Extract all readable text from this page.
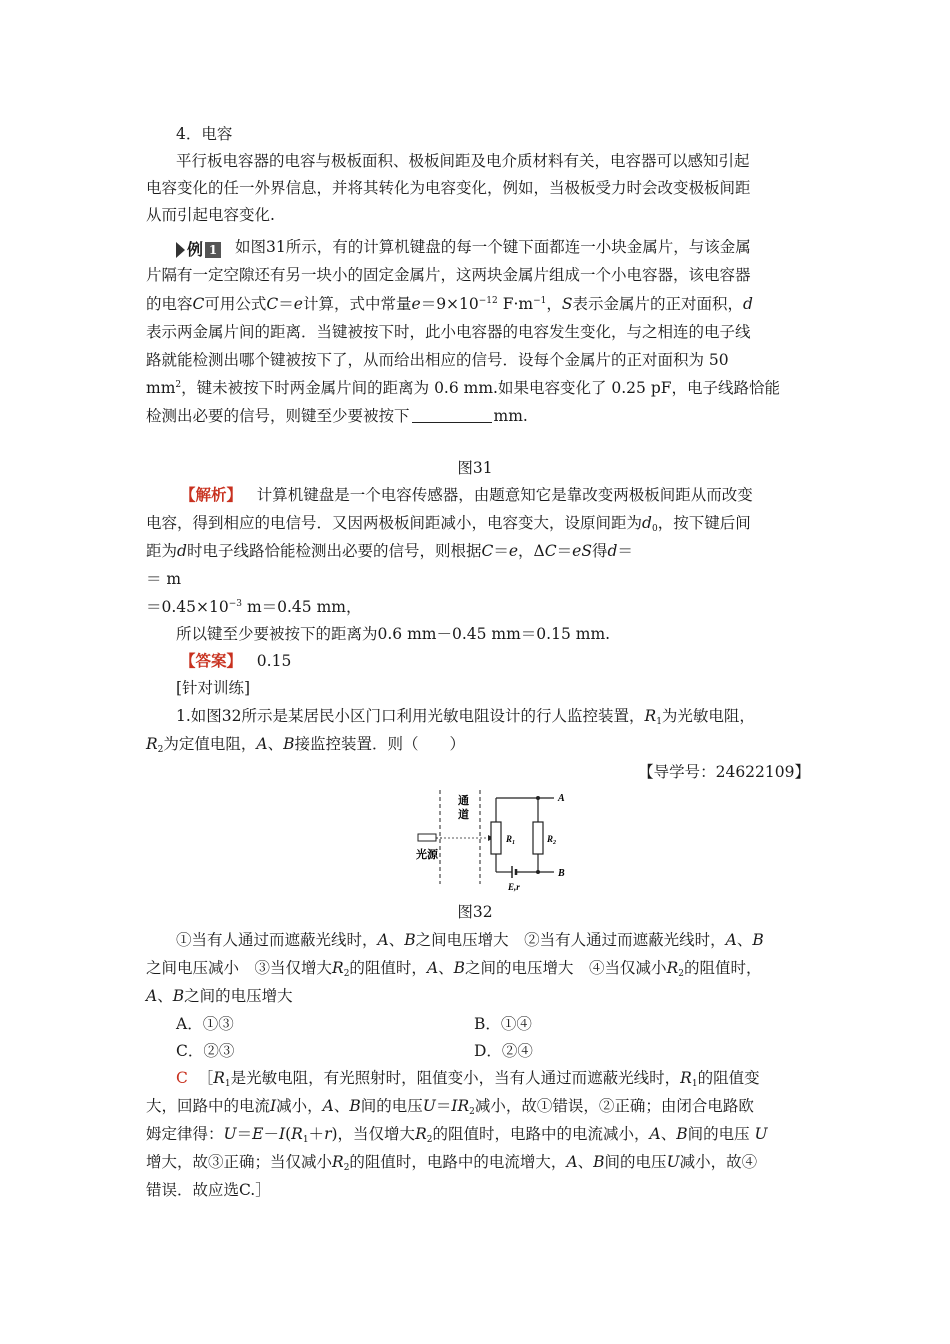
4．电容
平行板电容器的电容与极板面积、极板间距及电介质材料有关，电容器可以感知引起
电容变化的任一外界信息，并将其转化为电容变化，例如，当极板受力时会改变极板间距
从而引起电容变化.
例 1 如图31所示，有的计算机键盘的每一个键下面都连一小块金属片，与该金属
片隔有一定空隙还有另一块小的固定金属片，这两块金属片组成一个小电容器，该电容器
的电容C可用公式C＝e计算，式中常量$e=9\times 10^{-12}$ $F\cdot m^{-1}$，S表示金属片的正对面积，d
表示两金属片间的距离．当键被按下时，此小电容器的电容发生变化，与之相连的电子线
路就能检测出哪个键被按下了，从而给出相应的信号．设每个金属片的正对面积为 50
$mm^2$，键未被按下时两金属片间的距离为 0.6 mm.如果电容变化了 0.25 pF，电子线路恰能
检测出必要的信号，则键至少要被按下	mm.
图31
【解析】 计算机键盘是一个电容传感器，由题意知它是靠改变两极板间距从而改变
电容，得到相应的电信号．又因两极板间距减小，电容变大，设原间距为$d_0$，按下键后间
距为d时电子线路恰能检测出必要的信号，则根据C＝e，ΔC＝eS得d＝
＝ m
$=0.45\times 10^{-3}$ m＝0.45 mm，
所以键至少要被按下的距离为0.6 mm－0.45 mm＝0.15 mm.
【答案】 0.15
[针对训练]
1.如图32所示是某居民小区门口利用光敏电阻设计的行人监控装置，$R_1$为光敏电阻，
$R_2$为定值电阻，A、B接监控装置．则（　　）
【导学号：24622109】
通
道
光源
$R_1$	$R_2$
A
B
E,r
图32
①当有人通过而遮蔽光线时，A、B之间电压增大　②当有人通过而遮蔽光线时，A、B
之间电压减小　③当仅增大$R_2$的阻值时，A、B之间的电压增大　④当仅减小$R_2$的阻值时，
A、B之间的电压增大
A．①③	B．①④
C．②③	D．②④
C $[R_1$是光敏电阻，有光照射时，阻值变小，当有人通过而遮蔽光线时，$R_1$的阻值变
大，回路中的电流I减小，A、B间的电压$U=IR_2$减小，故①错误，②正确；由闭合电路欧
姆定律得：$U=E-I(R_1+r)$，当仅增大$R_2$的阻值时，电路中的电流减小，A、B间的电压 U
增大，故③正确；当仅减小$R_2$的阻值时，电路中的电流增大，A、B间的电压U减小，故④
错误．故应选C.］
